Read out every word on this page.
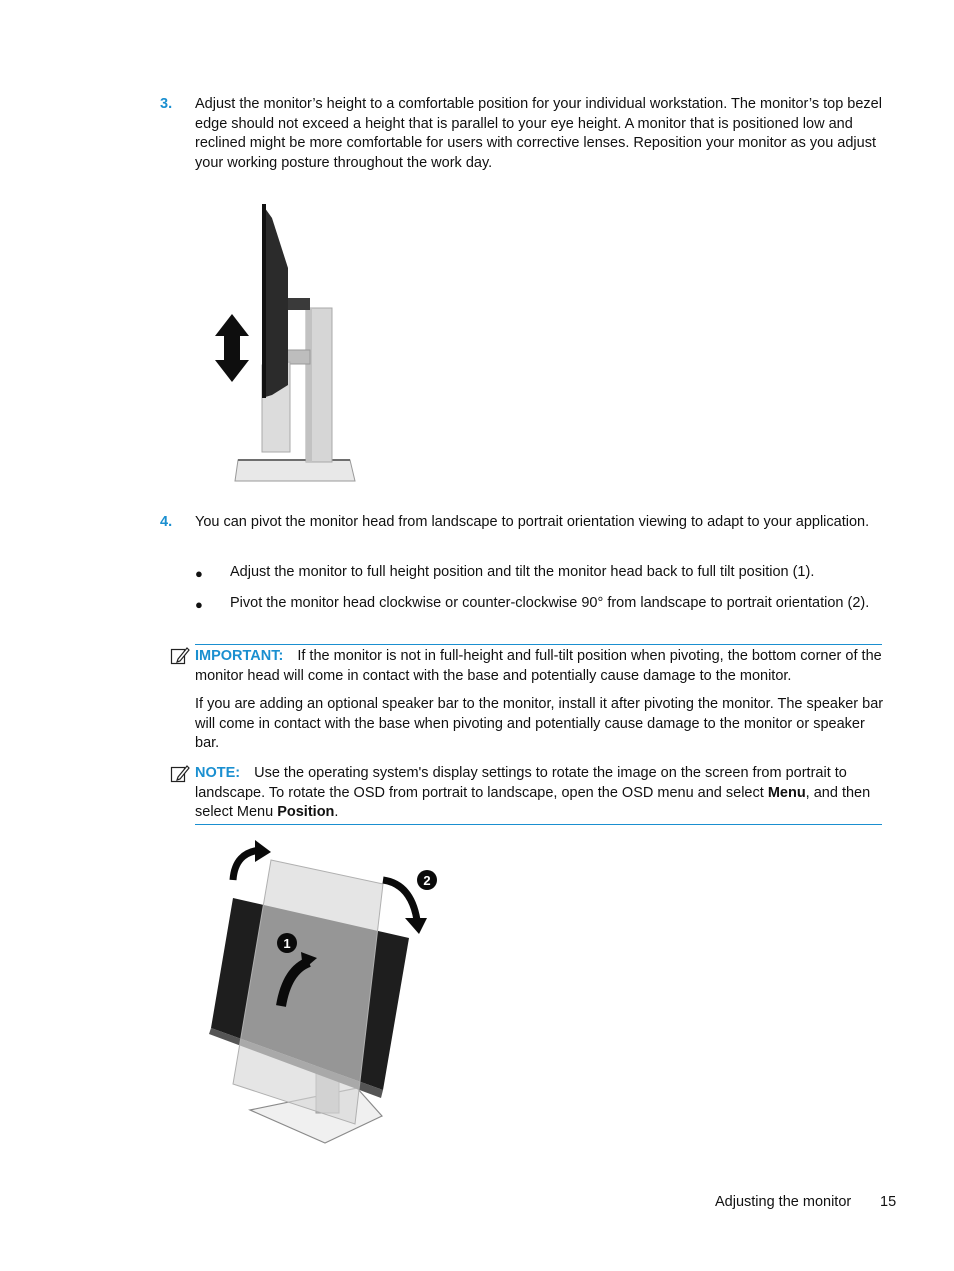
3. Adjust the monitor’s height to a comfortable position for your individual workstation. The monitor’s top bezel edge should not exceed a height that is parallel to your eye height. A monitor that is positioned low and reclined might be more comfortable for users with corrective lenses. Reposition your monitor as you adjust your working posture throughout the work day.
4. You can pivot the monitor head from landscape to portrait orientation viewing to adapt to your application.
● Adjust the monitor to full height position and tilt the monitor head back to full tilt position (1).
● Pivot the monitor head clockwise or counter-clockwise 90° from landscape to portrait orientation (2).
IMPORTANT: If the monitor is not in full-height and full-tilt position when pivoting, the bottom corner of the monitor head will come in contact with the base and potentially cause damage to the monitor.
If you are adding an optional speaker bar to the monitor, install it after pivoting the monitor. The speaker bar will come in contact with the base when pivoting and potentially cause damage to the monitor or speaker bar.
NOTE: Use the operating system's display settings to rotate the image on the screen from portrait to landscape. To rotate the OSD from portrait to landscape, open the OSD menu and select Menu, and then select Menu Position.
1
2
Adjusting the monitor 15
